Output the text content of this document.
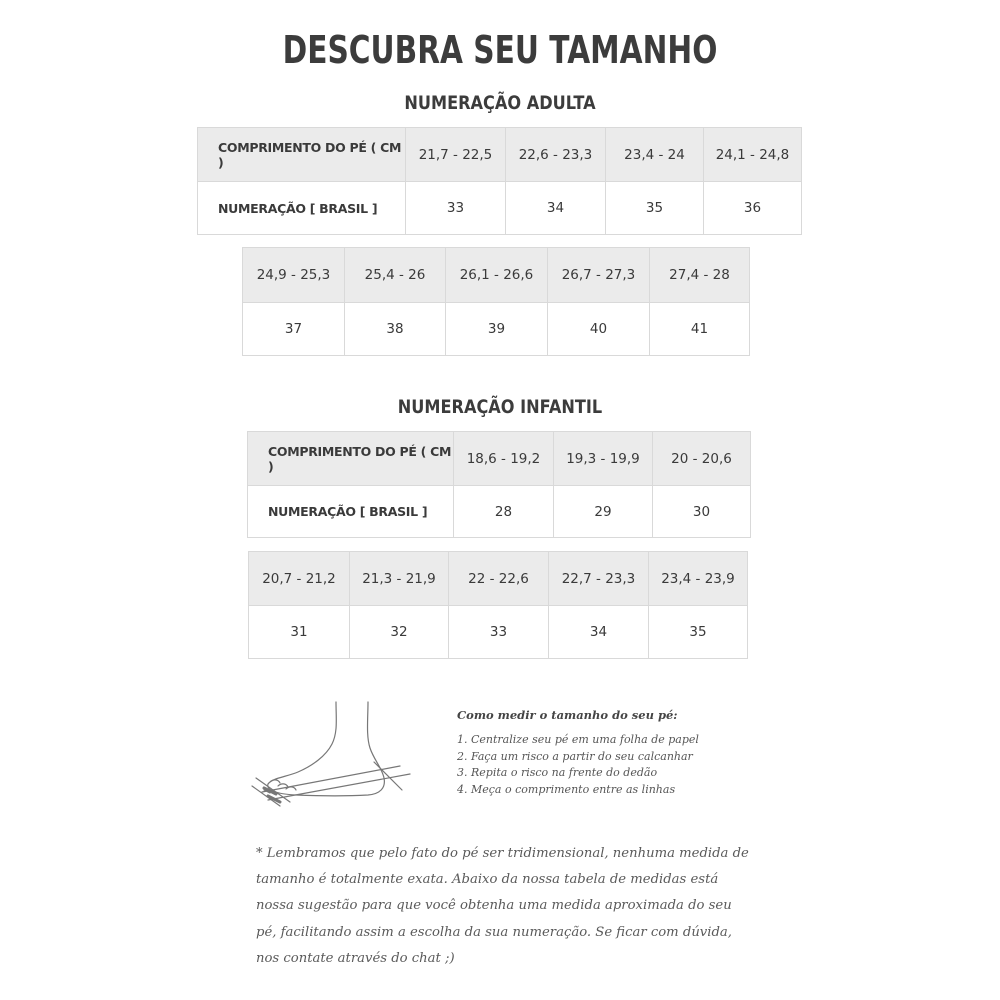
DESCUBRA SEU TAMANHO
NUMERAÇÃO ADULTA
COMPRIMENTO DO PÉ ( CM )	21,7 - 22,5	22,6 - 23,3	23,4 - 24	24,1 - 24,8
NUMERAÇÃO [ BRASIL ]	33	34	35	36
24,9 - 25,3	25,4 - 26	26,1 - 26,6	26,7 - 27,3	27,4 - 28
37	38	39	40	41
NUMERAÇÃO INFANTIL
COMPRIMENTO DO PÉ ( CM )	18,6 - 19,2	19,3 - 19,9	20 - 20,6
NUMERAÇÃO [ BRASIL ]	28	29	30
20,7 - 21,2	21,3 - 21,9	22 - 22,6	22,7 - 23,3	23,4 - 23,9
31	32	33	34	35
Como medir o tamanho do seu pé:
1. Centralize seu pé em uma folha de papel
2. Faça um risco a partir do seu calcanhar
3. Repita o risco na frente do dedão
4. Meça o comprimento entre as linhas
* Lembramos que pelo fato do pé ser tridimensional, nenhuma medida de tamanho é totalmente exata. Abaixo da nossa tabela de medidas está nossa sugestão para que você obtenha uma medida aproximada do seu pé, facilitando assim a escolha da sua numeração. Se ficar com dúvida, nos contate através do chat ;)
